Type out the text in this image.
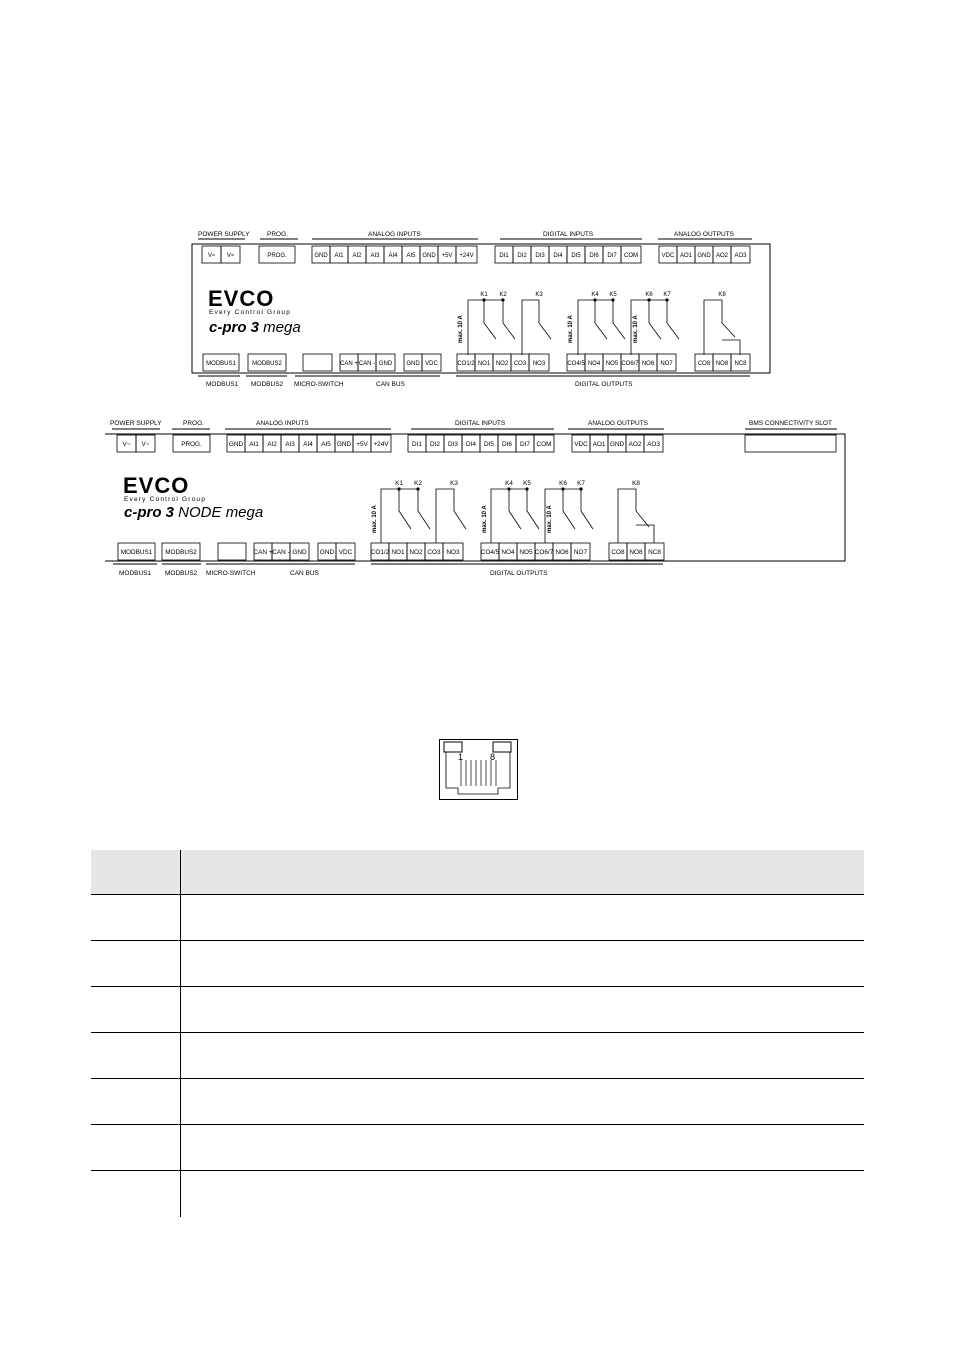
POWER SUPPLY	PROG.	ANALOG INPUTS	DIGITAL INPUTS	ANALOG OUTPUTS
V≈ V≈	PROG.	GND AI1 AI2 AI3 AI4 AI5 GND +5V +24V	DI1 DI2 DI3 DI4 DI5 DI6 DI7 COM	VDC AO1 GND AO2 AO3
EVCO
Every Control Group
c-pro 3 mega
K1 K2	K3	K4 K5	K6 K7	K8
max. 10 A	max. 10 A	max. 10 A
MODBUS1	MODBUS2	CAN + CAN - GND GND VDC	CO1/2 NO1 NO2 CO3 NO3	CO4/5 NO4 NO5 CO6/7 NO6 NO7	CO8 NO8 NC8
MODBUS1 MODBUS2 MICRO-SWITCH	CAN BUS	DIGITAL OUTPUTS
POWER SUPPLY	PROG.	ANALOG INPUTS	DIGITAL INPUTS	ANALOG OUTPUTS	BMS CONNECTIVITY SLOT
V~ V~	PROG.	GND AI1 AI2 AI3 AI4 AI5 GND +5V +24V	DI1 DI2 DI3 DI4 DI5 DI6 DI7 COM	VDC AO1 GND AO2 AO3
EVCO
Every Control Group
c-pro 3 NODE mega
K1 K2	K3	K4 K5	K6 K7	K8
max. 10 A	max. 10 A	max. 10 A
MODBUS1 MODBUS2	CAN + CAN - GND GND VDC	CO1/2 NO1 NO2 CO3 NO3	CO4/5 NO4 NO5 CO6/7 NO6 NO7	CO8 NO8 NC8
MODBUS1 MODBUS2 MICRO-SWITCH	CAN BUS	DIGITAL OUTPUTS
1	8
